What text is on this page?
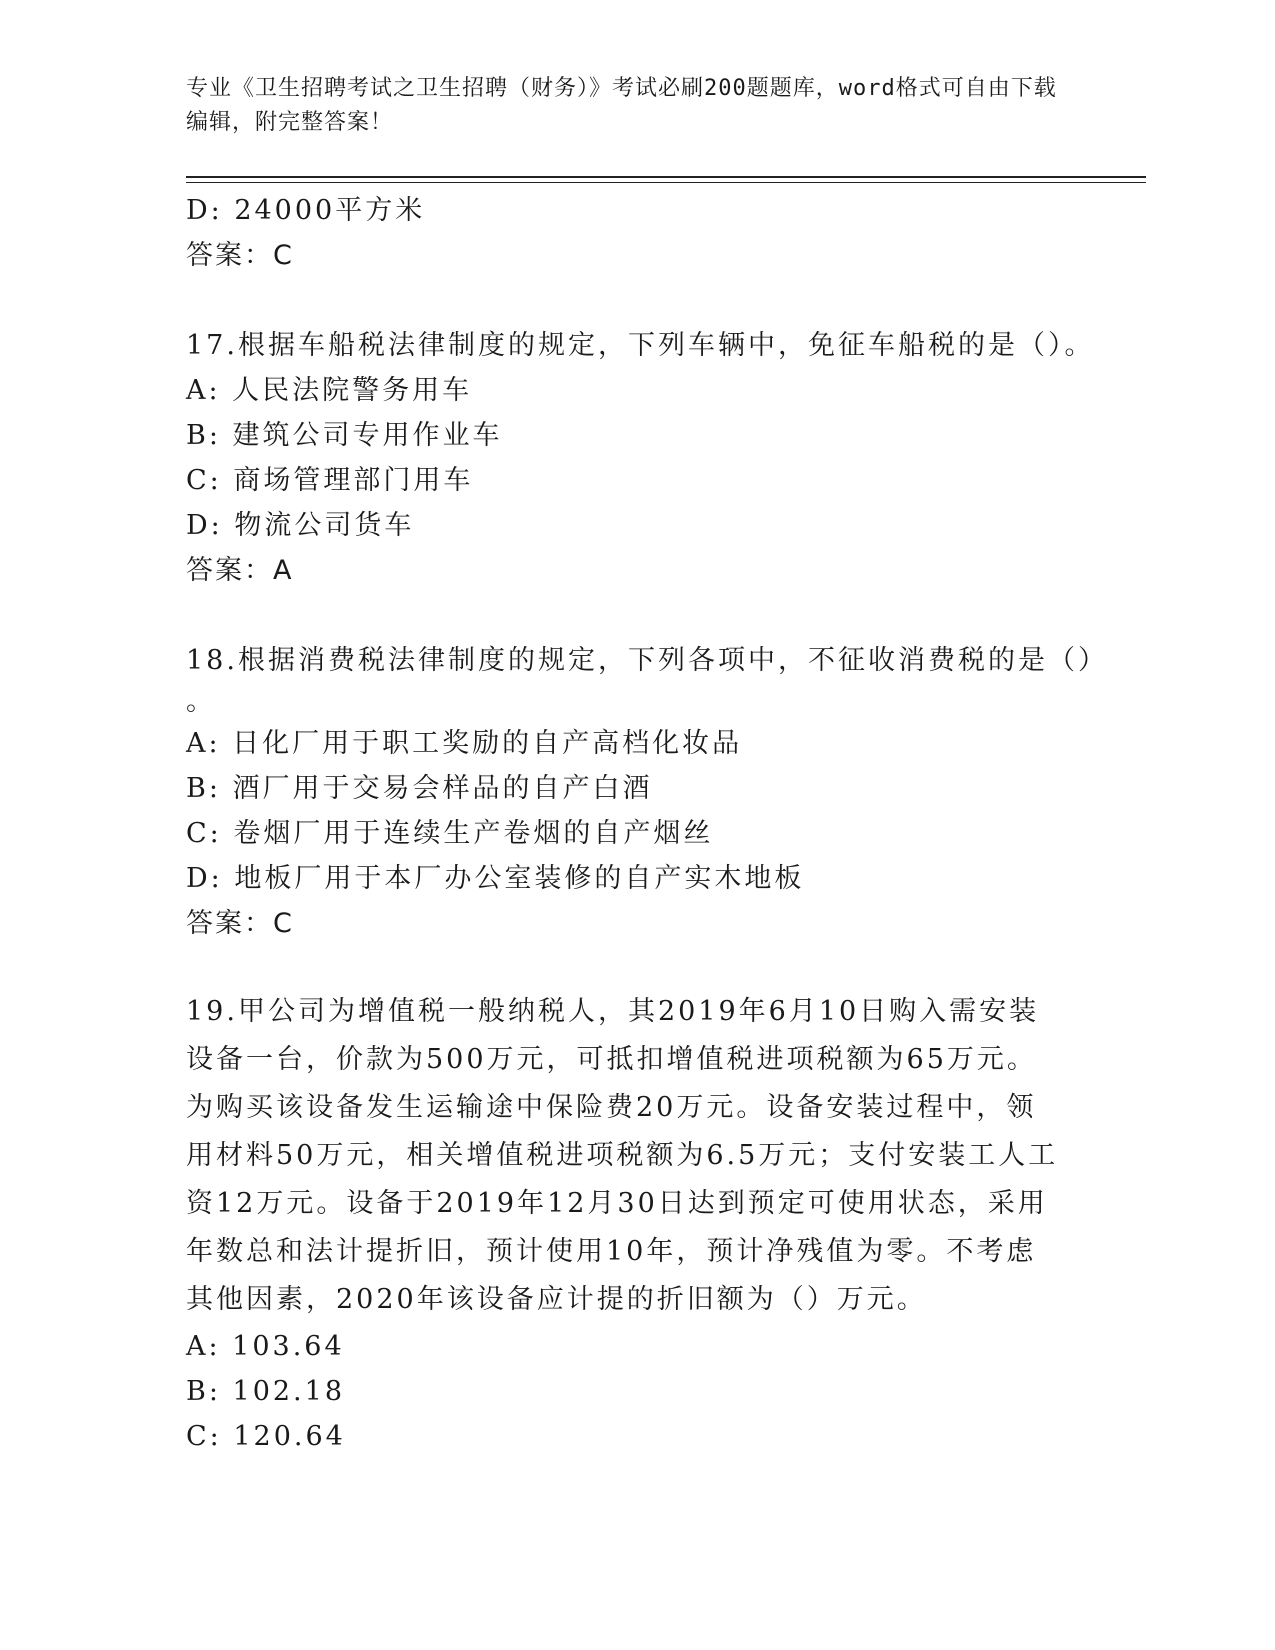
专业《卫生招聘考试之卫生招聘（财务）》考试必刷200题题库，word格式可自由下载编辑，附完整答案！
D: 24000平方米
答案：C
17.根据车船税法律制度的规定，下列车辆中，免征车船税的是（）。
A: 人民法院警务用车
B: 建筑公司专用作业车
C: 商场管理部门用车
D: 物流公司货车
答案：A
18.根据消费税法律制度的规定，下列各项中，不征收消费税的是（）
。
A: 日化厂用于职工奖励的自产高档化妆品
B: 酒厂用于交易会样品的自产白酒
C: 卷烟厂用于连续生产卷烟的自产烟丝
D: 地板厂用于本厂办公室装修的自产实木地板
答案：C
19.甲公司为增值税一般纳税人，其2019年6月10日购入需安装设备一台，价款为500万元，可抵扣增值税进项税额为65万元。为购买该设备发生运输途中保险费20万元。设备安装过程中，领用材料50万元，相关增值税进项税额为6.5万元；支付安装工人工资12万元。设备于2019年12月30日达到预定可使用状态，采用年数总和法计提折旧，预计使用10年，预计净残值为零。不考虑其他因素，2020年该设备应计提的折旧额为（）万元。
A: 103.64
B: 102.18
C: 120.64
